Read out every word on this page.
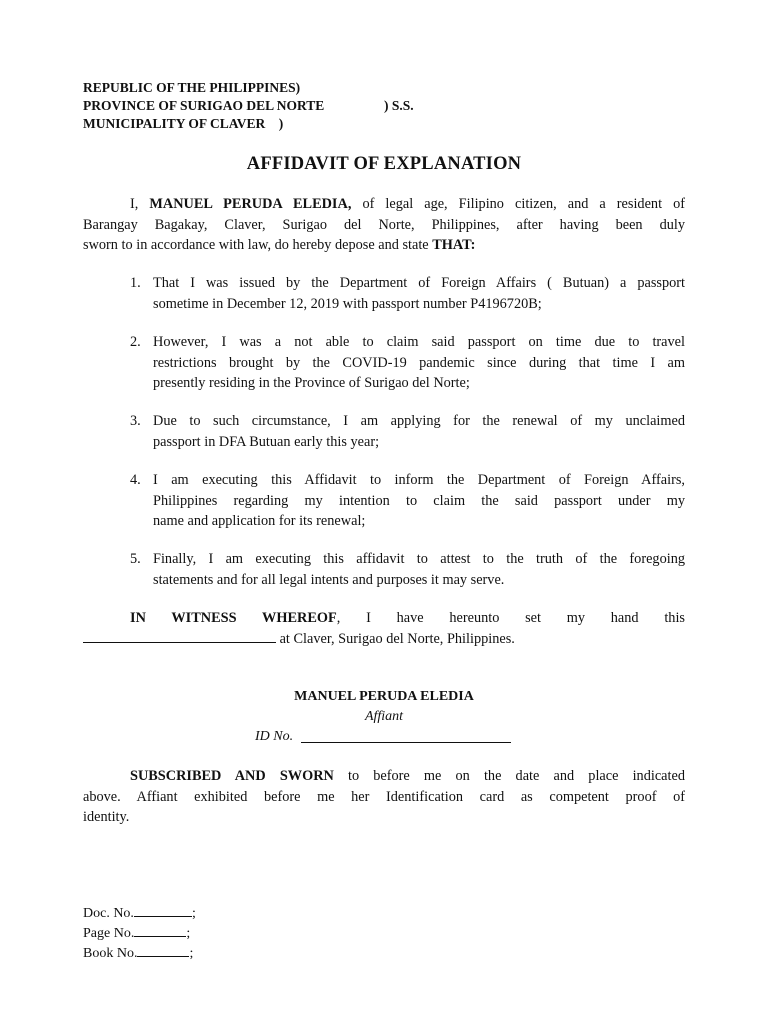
REPUBLIC OF THE PHILIPPINES)
PROVINCE OF SURIGAO DEL NORTE	) S.S.
MUNICIPALITY OF CLAVER    )
AFFIDAVIT OF EXPLANATION
I, MANUEL PERUDA ELEDIA, of legal age, Filipino citizen, and a resident of
Barangay Bagakay, Claver, Surigao del Norte, Philippines, after having been duly
sworn to in accordance with law, do hereby depose and state THAT:
1. That I was issued by the Department of Foreign Affairs ( Butuan) a passport
sometime in December 12, 2019 with passport number P4196720B;
2. However, I was a not able to claim said passport on time due to travel
restrictions brought by the COVID-19 pandemic since during that time I am
presently residing in the Province of Surigao del Norte;
3. Due to such circumstance, I am applying for the renewal of my unclaimed
passport in DFA Butuan early this year;
4. I am executing this Affidavit to inform the Department of Foreign Affairs,
Philippines regarding my intention to claim the said passport under my
name and application for its renewal;
5. Finally, I am executing this affidavit to attest to the truth of the foregoing
statements and for all legal intents and purposes it may serve.
IN WITNESS WHEREOF, I have hereunto set my hand this
at Claver, Surigao del Norte, Philippines.
MANUEL PERUDA ELEDIA
Affiant
ID No.
SUBSCRIBED AND SWORN to before me on the date and place indicated
above. Affiant exhibited before me her Identification card as competent proof of
identity.
Doc. No.	;
Page No.	;
Book No.	;
